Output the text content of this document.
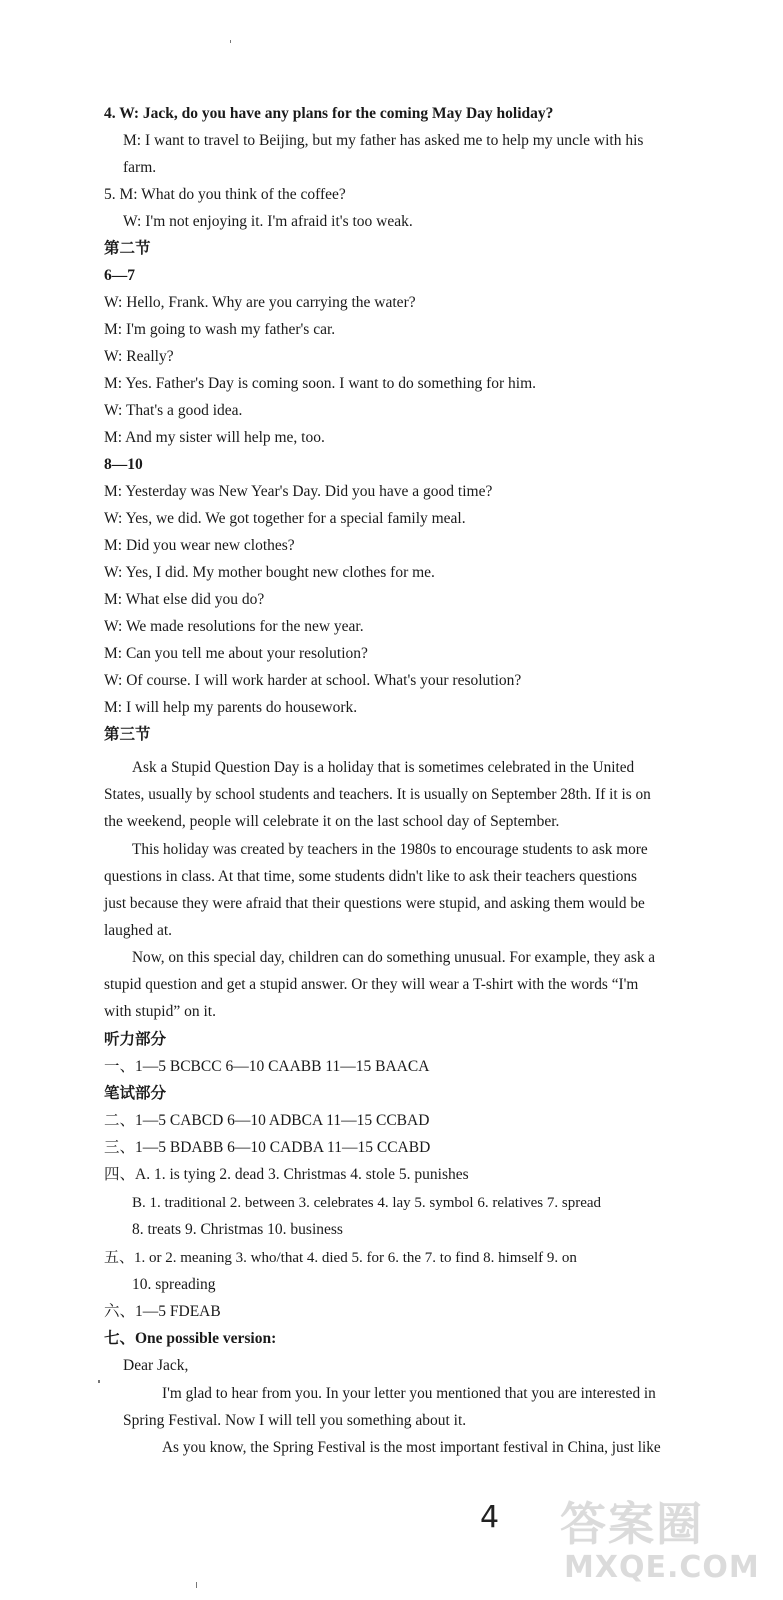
4. W: Jack, do you have any plans for the coming May Day holiday?
M: I want to travel to Beijing, but my father has asked me to help my uncle with his
farm.
5. M: What do you think of the coffee?
W: I'm not enjoying it. I'm afraid it's too weak.
第二节
6—7
W: Hello, Frank. Why are you carrying the water?
M: I'm going to wash my father's car.
W: Really?
M: Yes. Father's Day is coming soon. I want to do something for him.
W: That's a good idea.
M: And my sister will help me, too.
8—10
M: Yesterday was New Year's Day. Did you have a good time?
W: Yes, we did. We got together for a special family meal.
M: Did you wear new clothes?
W: Yes, I did. My mother bought new clothes for me.
M: What else did you do?
W: We made resolutions for the new year.
M: Can you tell me about your resolution?
W: Of course. I will work harder at school. What's your resolution?
M: I will help my parents do housework.
第三节
Ask a Stupid Question Day is a holiday that is sometimes celebrated in the United
States, usually by school students and teachers. It is usually on September 28th. If it is on
the weekend, people will celebrate it on the last school day of September.
This holiday was created by teachers in the 1980s to encourage students to ask more
questions in class. At that time, some students didn't like to ask their teachers questions
just because they were afraid that their questions were stupid, and asking them would be
laughed at.
Now, on this special day, children can do something unusual. For example, they ask a
stupid question and get a stupid answer. Or they will wear a T-shirt with the words “I'm
with stupid” on it.
听力部分
一、1—5 BCBCC 6—10 CAABB 11—15 BAACA
笔试部分
二、1—5 CABCD 6—10 ADBCA 11—15 CCBAD
三、1—5 BDABB 6—10 CADBA 11—15 CCABD
四、A. 1. is tying 2. dead 3. Christmas 4. stole 5. punishes
B. 1. traditional 2. between 3. celebrates 4. lay 5. symbol 6. relatives 7. spread
8. treats 9. Christmas 10. business
五、1. or 2. meaning 3. who/that 4. died 5. for 6. the 7. to find 8. himself 9. on
10. spreading
六、1—5 FDEAB
七、One possible version:
Dear Jack,
I'm glad to hear from you. In your letter you mentioned that you are interested in
Spring Festival. Now I will tell you something about it.
As you know, the Spring Festival is the most important festival in China, just like
4 答案圈
MXQE.COM
